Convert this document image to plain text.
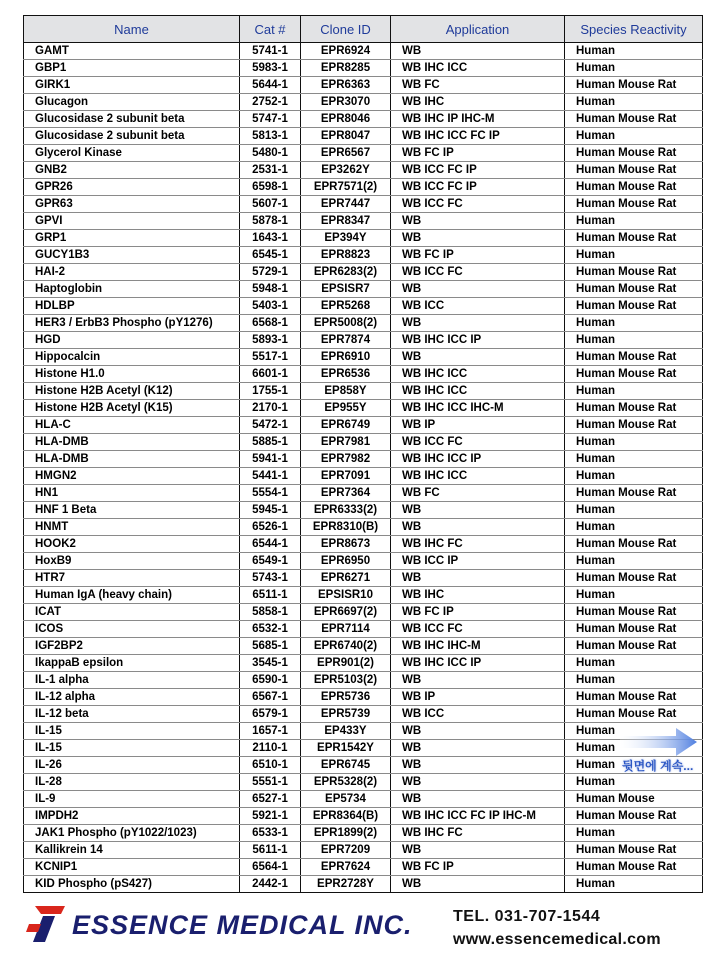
Name	Cat #	Clone ID	Application	Species Reactivity
GAMT	5741-1	EPR6924	WB	Human
GBP1	5983-1	EPR8285	WB IHC ICC	Human
GIRK1	5644-1	EPR6363	WB FC	Human Mouse Rat
Glucagon	2752-1	EPR3070	WB IHC	Human
Glucosidase 2 subunit beta	5747-1	EPR8046	WB IHC IP IHC-M	Human Mouse Rat
Glucosidase 2 subunit beta	5813-1	EPR8047	WB IHC ICC FC IP	Human
Glycerol Kinase	5480-1	EPR6567	WB FC IP	Human Mouse Rat
GNB2	2531-1	EP3262Y	WB ICC FC IP	Human Mouse Rat
GPR26	6598-1	EPR7571(2)	WB ICC FC IP	Human Mouse Rat
GPR63	5607-1	EPR7447	WB ICC FC	Human Mouse Rat
GPVI	5878-1	EPR8347	WB	Human
GRP1	1643-1	EP394Y	WB	Human Mouse Rat
GUCY1B3	6545-1	EPR8823	WB FC IP	Human
HAI-2	5729-1	EPR6283(2)	WB ICC FC	Human Mouse Rat
Haptoglobin	5948-1	EPSISR7	WB	Human Mouse Rat
HDLBP	5403-1	EPR5268	WB ICC	Human Mouse Rat
HER3 / ErbB3 Phospho (pY1276)	6568-1	EPR5008(2)	WB	Human
HGD	5893-1	EPR7874	WB IHC ICC IP	Human
Hippocalcin	5517-1	EPR6910	WB	Human Mouse Rat
Histone H1.0	6601-1	EPR6536	WB IHC ICC	Human Mouse Rat
Histone H2B Acetyl (K12)	1755-1	EP858Y	WB IHC ICC	Human
Histone H2B Acetyl (K15)	2170-1	EP955Y	WB IHC ICC IHC-M	Human Mouse Rat
HLA-C	5472-1	EPR6749	WB IP	Human Mouse Rat
HLA-DMB	5885-1	EPR7981	WB ICC FC	Human
HLA-DMB	5941-1	EPR7982	WB IHC ICC IP	Human
HMGN2	5441-1	EPR7091	WB IHC ICC	Human
HN1	5554-1	EPR7364	WB FC	Human Mouse Rat
HNF 1 Beta	5945-1	EPR6333(2)	WB	Human
HNMT	6526-1	EPR8310(B)	WB	Human
HOOK2	6544-1	EPR8673	WB IHC FC	Human Mouse Rat
HoxB9	6549-1	EPR6950	WB ICC IP	Human
HTR7	5743-1	EPR6271	WB	Human Mouse Rat
Human IgA (heavy chain)	6511-1	EPSISR10	WB IHC	Human
ICAT	5858-1	EPR6697(2)	WB FC IP	Human Mouse Rat
ICOS	6532-1	EPR7114	WB ICC FC	Human Mouse Rat
IGF2BP2	5685-1	EPR6740(2)	WB IHC IHC-M	Human Mouse Rat
IkappaB epsilon	3545-1	EPR901(2)	WB IHC ICC IP	Human
IL-1 alpha	6590-1	EPR5103(2)	WB	Human
IL-12 alpha	6567-1	EPR5736	WB IP	Human Mouse Rat
IL-12 beta	6579-1	EPR5739	WB ICC	Human Mouse Rat
IL-15	1657-1	EP433Y	WB	Human
IL-15	2110-1	EPR1542Y	WB	Human
IL-26	6510-1	EPR6745	WB	Human
IL-28	5551-1	EPR5328(2)	WB	Human
IL-9	6527-1	EP5734	WB	Human Mouse
IMPDH2	5921-1	EPR8364(B)	WB IHC ICC FC IP IHC-M	Human Mouse Rat
JAK1 Phospho (pY1022/1023)	6533-1	EPR1899(2)	WB IHC FC	Human
Kallikrein 14	5611-1	EPR7209	WB	Human Mouse Rat
KCNIP1	6564-1	EPR7624	WB FC IP	Human Mouse Rat
KID Phospho (pS427)	2442-1	EPR2728Y	WB	Human
뒷면에 계속...
ESSENCE MEDICAL INC.	TEL. 031-707-1544
www.essencemedical.com
